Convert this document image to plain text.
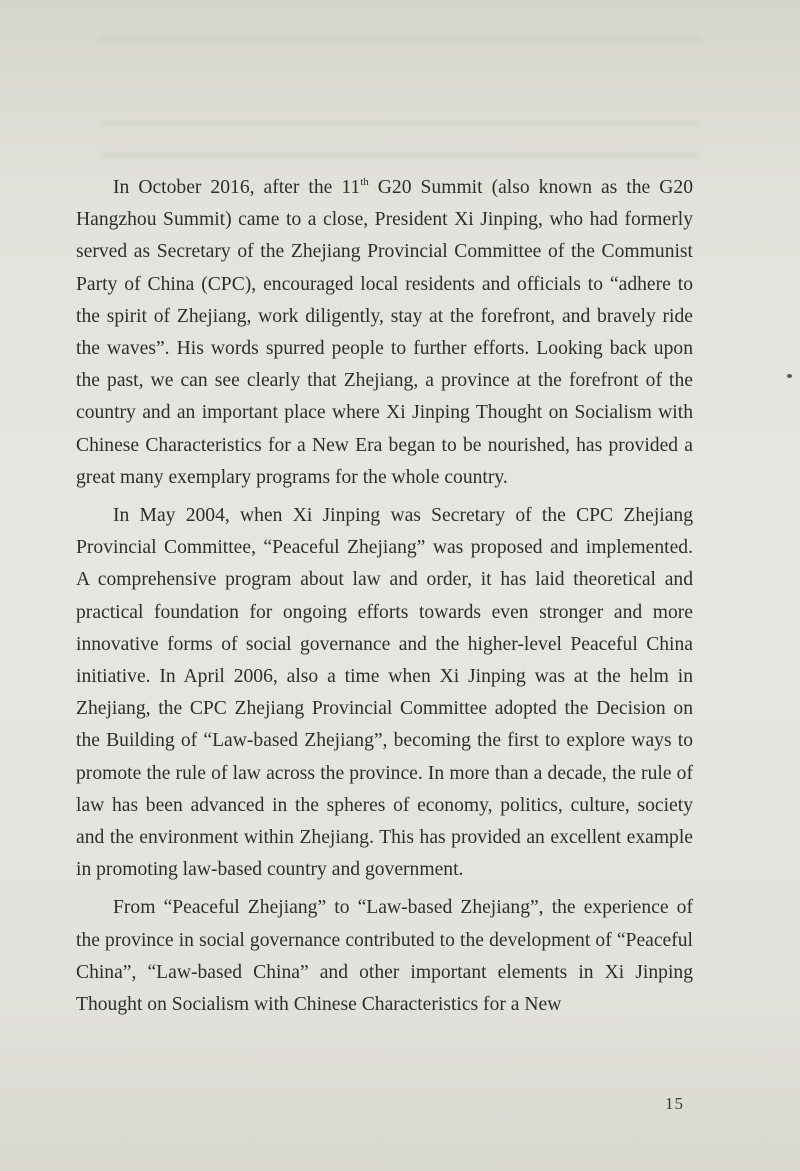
In October 2016, after the 11th G20 Summit (also known as the G20 Hangzhou Summit) came to a close, President Xi Jinping, who had formerly served as Secretary of the Zhejiang Provincial Committee of the Communist Party of China (CPC), encouraged local residents and officials to “adhere to the spirit of Zhejiang, work diligently, stay at the forefront, and bravely ride the waves”. His words spurred people to further efforts. Looking back upon the past, we can see clearly that Zhejiang, a province at the forefront of the country and an important place where Xi Jinping Thought on Socialism with Chinese Characteristics for a New Era began to be nourished, has provided a great many exemplary programs for the whole country.

In May 2004, when Xi Jinping was Secretary of the CPC Zhejiang Provincial Committee, “Peaceful Zhejiang” was proposed and implemented. A comprehensive program about law and order, it has laid theoretical and practical foundation for ongoing efforts towards even stronger and more innovative forms of social governance and the higher-level Peaceful China initiative. In April 2006, also a time when Xi Jinping was at the helm in Zhejiang, the CPC Zhejiang Provincial Committee adopted the Decision on the Building of “Law-based Zhejiang”, becoming the first to explore ways to promote the rule of law across the province. In more than a decade, the rule of law has been advanced in the spheres of economy, politics, culture, society and the environment within Zhejiang. This has provided an excellent example in promoting law-based country and government.

From “Peaceful Zhejiang” to “Law-based Zhejiang”, the experience of the province in social governance contributed to the development of “Peaceful China”, “Law-based China” and other important elements in Xi Jinping Thought on Socialism with Chinese Characteristics for a New

15
